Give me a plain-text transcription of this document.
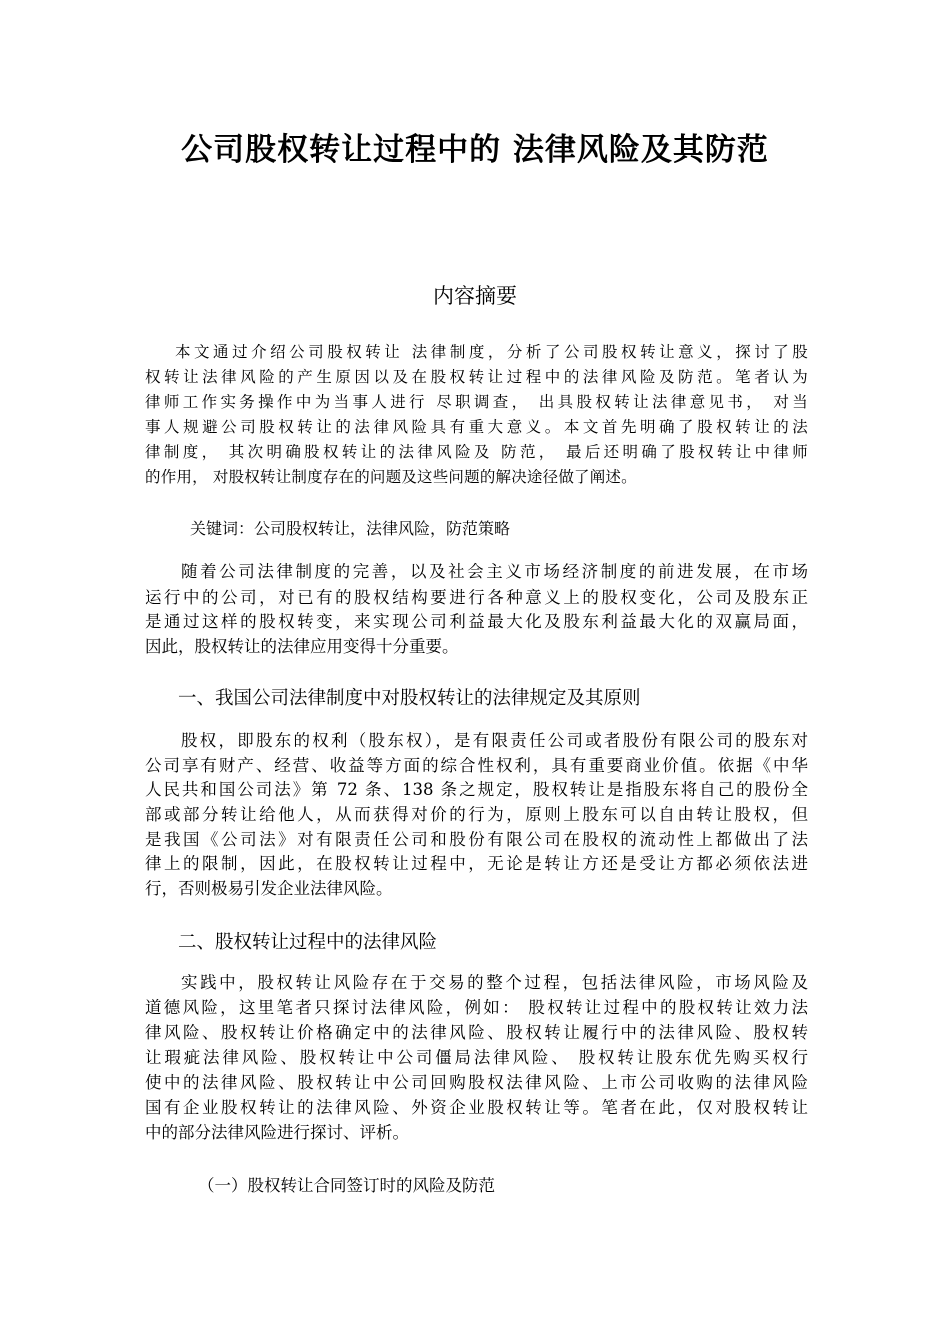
公司股权转让过程中的 法律风险及其防范
内容摘要
本文通过介绍公司股权转让 法律制度，分析了公司股权转让意义，探讨了股
权转让法律风险的产生原因以及在股权转让过程中的法律风险及防范。笔者认为
律师工作实务操作中为当事人进行 尽职调查， 出具股权转让法律意见书， 对当
事人规避公司股权转让的法律风险具有重大意义。本文首先明确了股权转让的法
律制度， 其次明确股权转让的法律风险及 防范， 最后还明确了股权转让中律师
的作用， 对股权转让制度存在的问题及这些问题的解决途径做了阐述。
关键词：公司股权转让，法律风险，防范策略
随着公司法律制度的完善，以及社会主义市场经济制度的前进发展，在市场
运行中的公司，对已有的股权结构要进行各种意义上的股权变化，公司及股东正
是通过这样的股权转变，来实现公司利益最大化及股东利益最大化的双赢局面，
因此，股权转让的法律应用变得十分重要。
一、我国公司法律制度中对股权转让的法律规定及其原则
股权，即股东的权利（股东权），是有限责任公司或者股份有限公司的股东对
公司享有财产、经营、收益等方面的综合性权利，具有重要商业价值。依据《中华
人民共和国公司法》第 72 条、138 条之规定，股权转让是指股东将自己的股份全
部或部分转让给他人，从而获得对价的行为，原则上股东可以自由转让股权，但
是我国《公司法》对有限责任公司和股份有限公司在股权的流动性上都做出了法
律上的限制，因此，在股权转让过程中，无论是转让方还是受让方都必须依法进
行，否则极易引发企业法律风险。
二、股权转让过程中的法律风险
实践中，股权转让风险存在于交易的整个过程，包括法律风险，市场风险及
道德风险，这里笔者只探讨法律风险，例如： 股权转让过程中的股权转让效力法
律风险、股权转让价格确定中的法律风险、股权转让履行中的法律风险、股权转
让瑕疵法律风险、股权转让中公司僵局法律风险、 股权转让股东优先购买权行
使中的法律风险、股权转让中公司回购股权法律风险、上市公司收购的法律风险
国有企业股权转让的法律风险、外资企业股权转让等。笔者在此，仅对股权转让
中的部分法律风险进行探讨、评析。
（一）股权转让合同签订时的风险及防范
